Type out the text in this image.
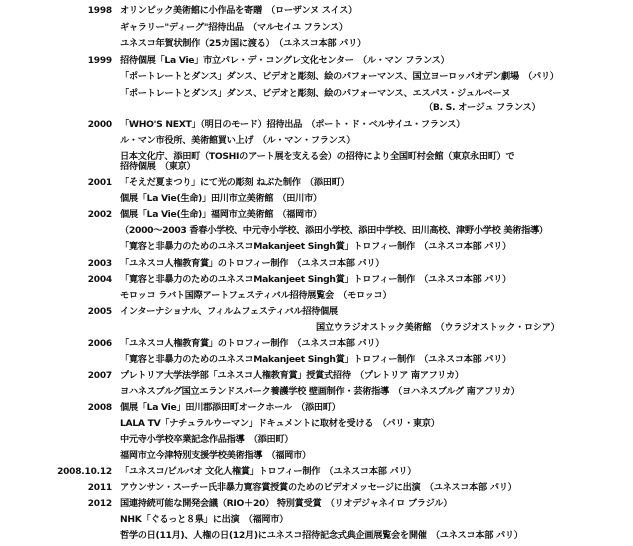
1998 オリンピック美術館に小作品を寄贈　（ローザンヌ スイス）
ギャラリー"ディーグ"招待出品　（マルセイユ フランス）
ユネスコ年賀状制作（25カ国に渡る）　（ユネスコ本部 パリ）
1999 招待個展「La Vie」市立パレ・デ・コングレ文化センター　（ル・マン フランス）
「ポートレートとダンス」ダンス、ビデオと彫刻、絵のパフォーマンス、国立ヨーロッパオデン劇場　（パリ）
「ポートレートとダンス」ダンス、ビデオと彫刻、絵のパフォーマンス、エスパス・ジュルベーヌ
（B. S. オージュ フランス）
2000 「WHO'S NEXT」（明日のモード）招待出品　（ポート・ド・ベルサイユ・フランス）
ル・マン市役所、美術館買い上げ　（ル・マン・フランス）
日本文化庁、添田町（TOSHIのアート展を支える会）の招待により全国町村会館（東京永田町）で
招待個展　（東京）
2001 「そえだ夏まつり」にて光の彫刻 ねぶた制作　（添田町）
個展「La Vie(生命)」田川市立美術館　（田川市）
2002 個展「La Vie(生命)」福岡市立美術館　（福岡市）
（2000～2003 香春小学校、中元寺小学校、添田小学校、添田中学校、田川高校、津野小学校 美術指導）
「寛容と非暴力のためのユネスコMakanjeet Singh賞」トロフィー制作　（ユネスコ本部 パリ）
2003 「ユネスコ人権教育賞」のトロフィー制作　（ユネスコ本部 パリ）
2004 「寛容と非暴力のためのユネスコMakanjeet Singh賞」トロフィー制作　（ユネスコ本部 パリ）
モロッコ ラバト国際アートフェスティバル招待展覧会　（モロッコ）
2005 インターナショナル、フィルムフェスティバル招待個展
国立ウラジオストック美術館　（ウラジオストック・ロシア）
2006 「ユネスコ人権教育賞」のトロフィー制作　（ユネスコ本部 パリ）
「寛容と非暴力のためのユネスコMakanjeet Singh賞」トロフィー制作　（ユネスコ本部 パリ）
2007 プレトリア大学法学部「ユネスコ人権教育賞」授賞式招待　（プレトリア 南アフリカ）
ヨハネスブルグ国立エランドスパーク養護学校 壁画制作・芸術指導　（ヨハネスブルグ 南アフリカ）
2008 個展「La Vie」田川郡添田町オークホール　（添田町）
LALA TV「ナチュラルウーマン」ドキュメントに取材を受ける　（パリ・東京）
中元寺小学校卒業記念作品指導　（添田町）
福岡市立今津特別支援学校美術指導　（福岡市）
2008.10.12 「ユネスコ/ピルバオ 文化人権賞」トロフィー制作　（ユネスコ本部 パリ）
2011 アウンサン・スーチー氏非暴力寛容賞授賞のためのビデオメッセージに出演　（ユネスコ本部 パリ）
2012 国連持続可能な開発会議（RIO＋20） 特別賞受賞　（リオデジャネイロ ブラジル）
NHK「ぐるっと８県」に出演　（福岡市）
哲学の日(11月)、人権の日(12月)にユネスコ招待記念式典企画展覧会を開催　（ユネスコ本部 パリ）
